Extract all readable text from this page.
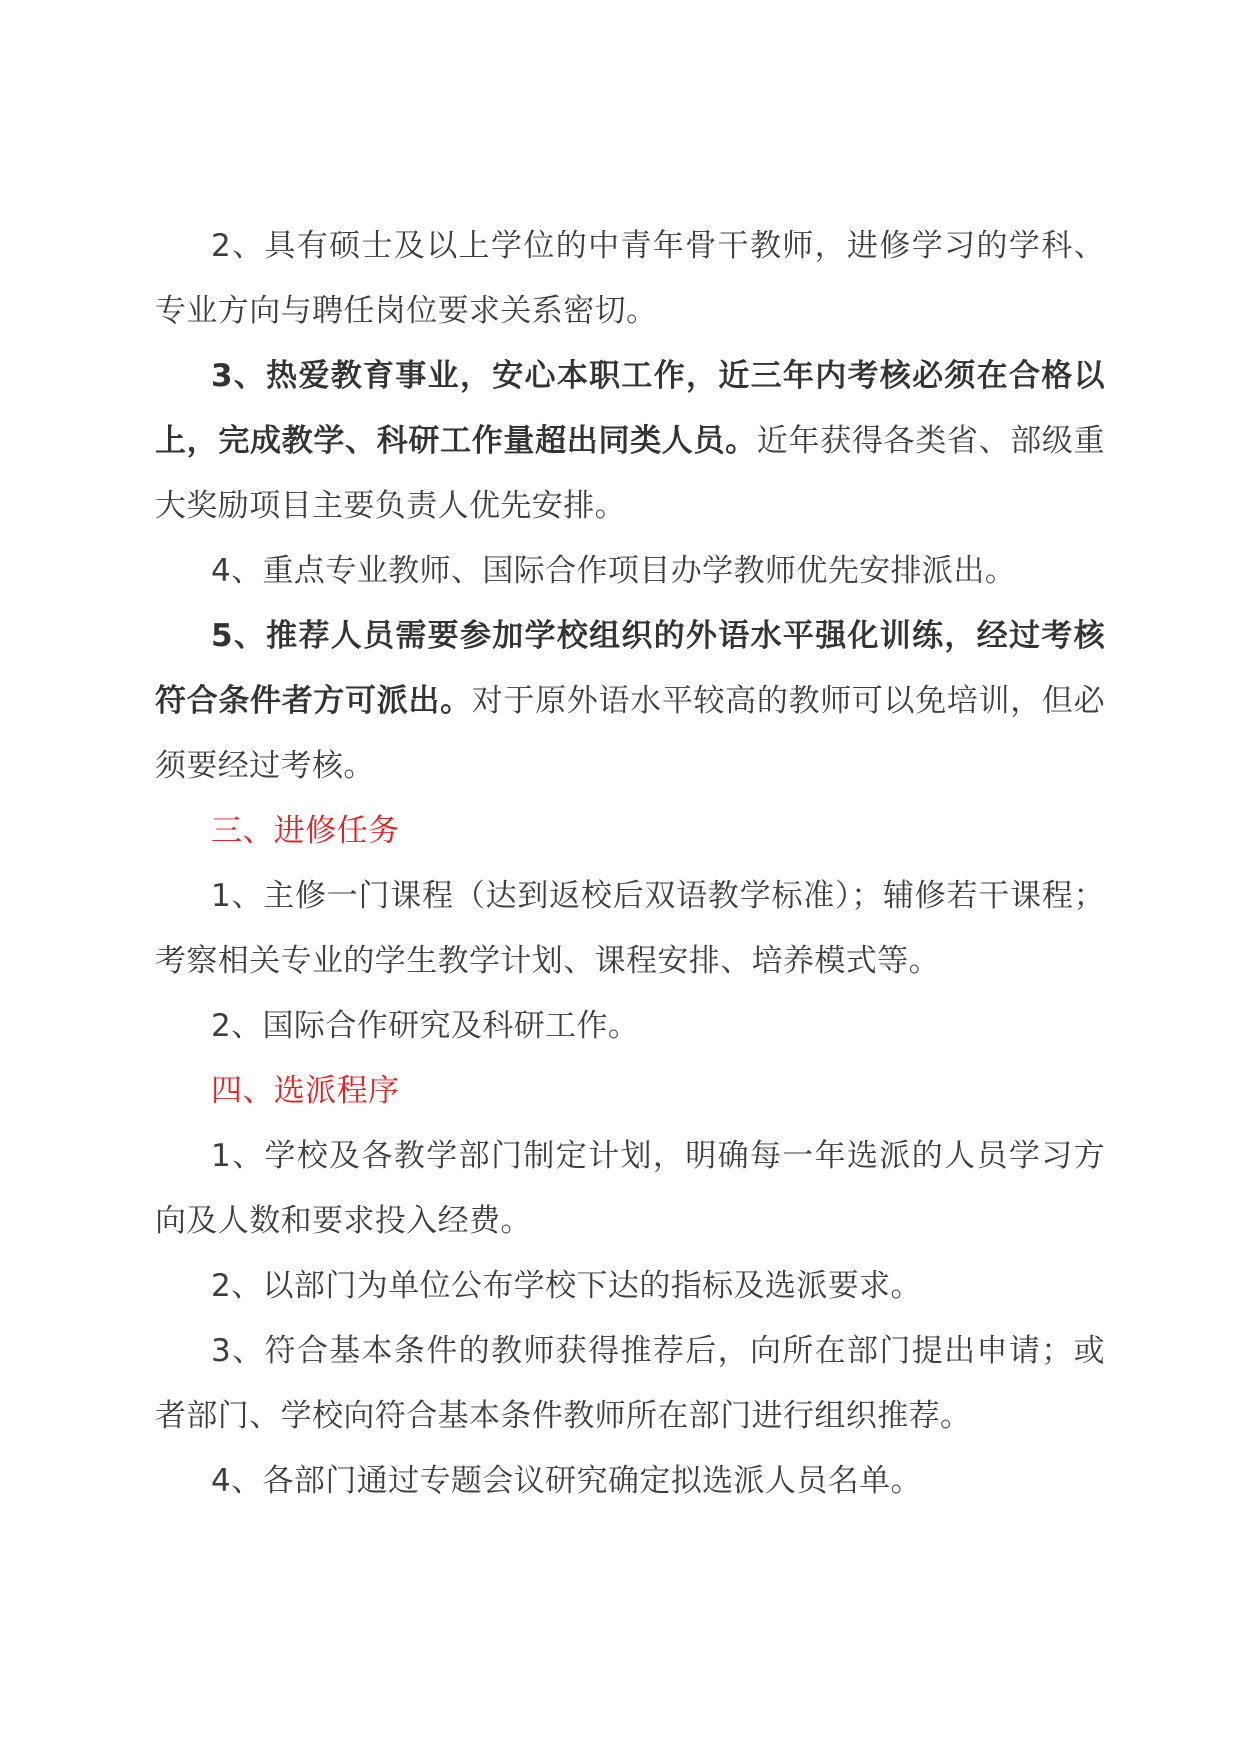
2、具有硕士及以上学位的中青年骨干教师，进修学习的学科、专业方向与聘任岗位要求关系密切。

3、热爱教育事业，安心本职工作，近三年内考核必须在合格以上，完成教学、科研工作量超出同类人员。近年获得各类省、部级重大奖励项目主要负责人优先安排。

4、重点专业教师、国际合作项目办学教师优先安排派出。

5、推荐人员需要参加学校组织的外语水平强化训练，经过考核符合条件者方可派出。对于原外语水平较高的教师可以免培训，但必须要经过考核。

三、进修任务

1、主修一门课程（达到返校后双语教学标准）；辅修若干课程；考察相关专业的学生教学计划、课程安排、培养模式等。

2、国际合作研究及科研工作。

四、选派程序

1、学校及各教学部门制定计划，明确每一年选派的人员学习方向及人数和要求投入经费。

2、以部门为单位公布学校下达的指标及选派要求。

3、符合基本条件的教师获得推荐后，向所在部门提出申请；或者部门、学校向符合基本条件教师所在部门进行组织推荐。

4、各部门通过专题会议研究确定拟选派人员名单。
